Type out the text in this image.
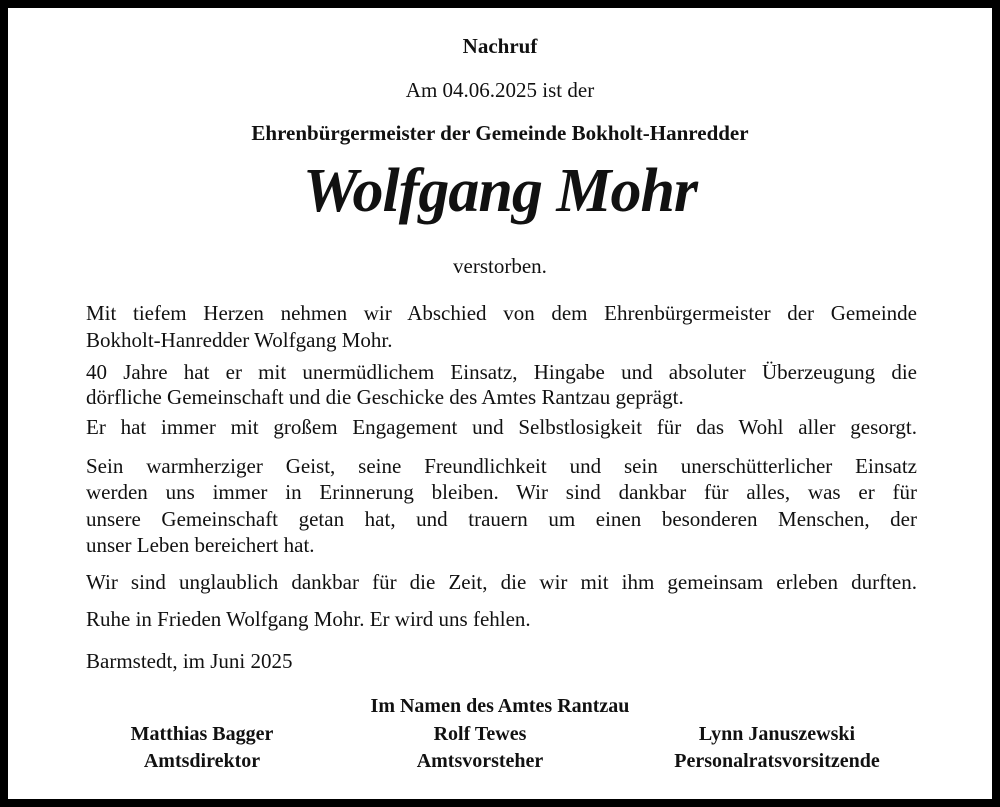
Nachruf
Am 04.06.2025 ist der
Ehrenbürgermeister der Gemeinde Bokholt-Hanredder
Wolfgang Mohr
verstorben.
Mit tiefem Herzen nehmen wir Abschied von dem Ehrenbürgermeister der Gemeinde
Bokholt-Hanredder Wolfgang Mohr.
40 Jahre hat er mit unermüdlichem Einsatz, Hingabe und absoluter Überzeugung die
dörfliche Gemeinschaft und die Geschicke des Amtes Rantzau geprägt.
Er hat immer mit großem Engagement und Selbstlosigkeit für das Wohl aller gesorgt.
Sein warmherziger Geist, seine Freundlichkeit und sein unerschütterlicher Einsatz
werden uns immer in Erinnerung bleiben. Wir sind dankbar für alles, was er für
unsere Gemeinschaft getan hat, und trauern um einen besonderen Menschen, der
unser Leben bereichert hat.
Wir sind unglaublich dankbar für die Zeit, die wir mit ihm gemeinsam erleben durften.
Ruhe in Frieden Wolfgang Mohr. Er wird uns fehlen.
Barmstedt, im Juni 2025
Im Namen des Amtes Rantzau
Matthias Bagger
Amtsdirektor
Rolf Tewes
Amtsvorsteher
Lynn Januszewski
Personalratsvorsitzende
